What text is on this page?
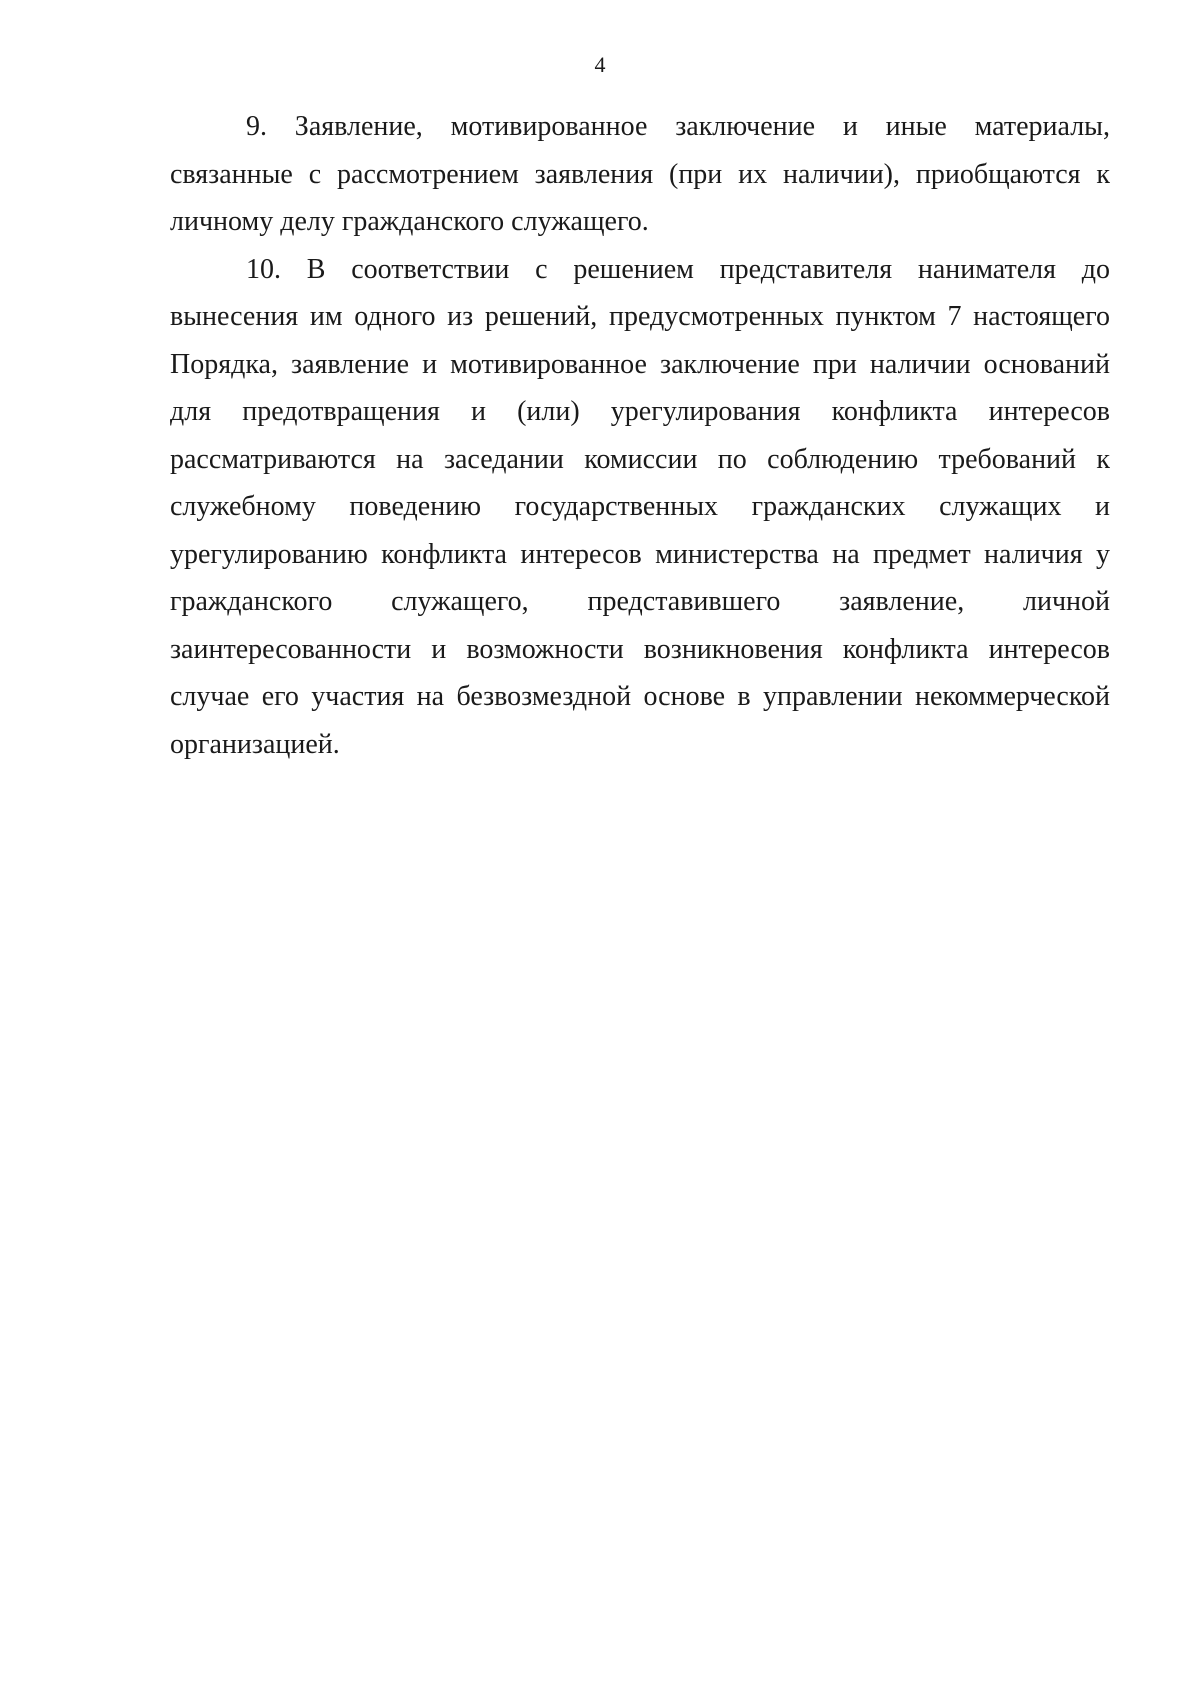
4

9. Заявление, мотивированное заключение и иные материалы, связанные с рассмотрением заявления (при их наличии), приобщаются к личному делу гражданского служащего.

10. В соответствии с решением представителя нанимателя до вынесения им одного из решений, предусмотренных пунктом 7 настоящего Порядка, заявление и мотивированное заключение при наличии оснований для предотвращения и (или) урегулирования конфликта интересов рассматриваются на заседании комиссии по соблюдению требований к служебному поведению государственных гражданских служащих и урегулированию конфликта интересов министерства на предмет наличия у гражданского служащего, представившего заявление, личной заинтересованности и возможности возникновения конфликта интересов случае его участия на безвозмездной основе в управлении некоммерческой организацией.
